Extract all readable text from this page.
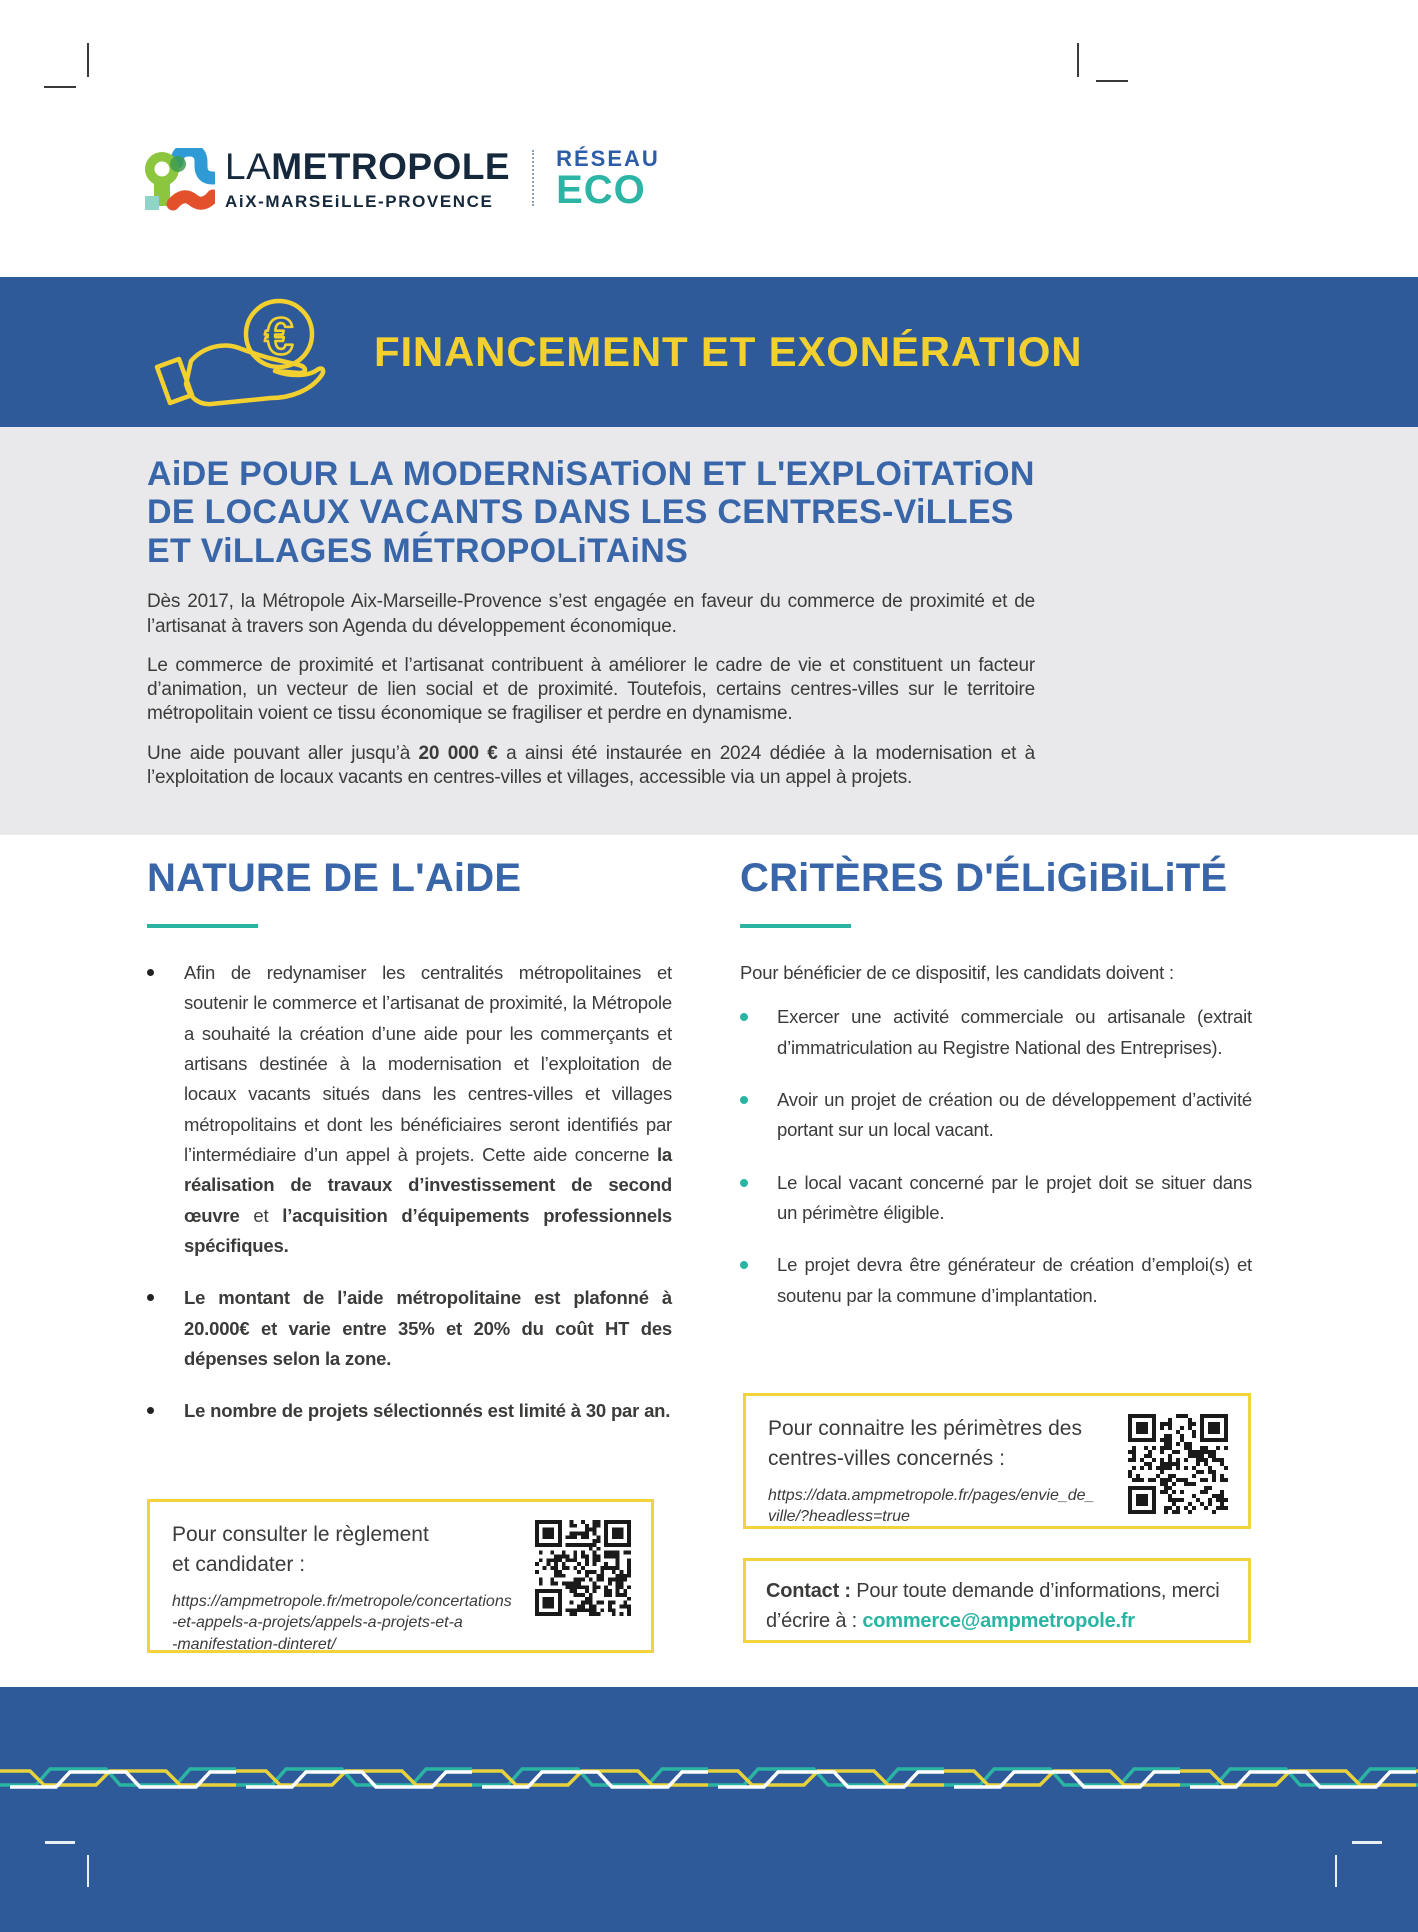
LAMETROPOLE
AiX-MARSEiLLE-PROVENCE
RÉSEAU
ECO
€ FINANCEMENT ET EXONÉRATION
AiDE POUR LA MODERNiSATiON ET L'EXPLOiTATiON
DE LOCAUX VACANTS DANS LES CENTRES-ViLLES
ET ViLLAGES MÉTROPOLiTAiNS

Dès 2017, la Métropole Aix-Marseille-Provence s’est engagée en faveur du commerce de proximité et de l’artisanat à travers son Agenda du développement économique.

Le commerce de proximité et l’artisanat contribuent à améliorer le cadre de vie et constituent un facteur d’animation, un vecteur de lien social et de proximité. Toutefois, certains centres-villes sur le territoire métropolitain voient ce tissu économique se fragiliser et perdre en dynamisme.

Une aide pouvant aller jusqu’à 20 000 € a ainsi été instaurée en 2024 dédiée à la modernisation et à l’exploitation de locaux vacants en centres-villes et villages, accessible via un appel à projets.

NATURE DE L'AiDE
Afin de redynamiser les centralités métropolitaines et soutenir le commerce et l’artisanat de proximité, la Métropole a souhaité la création d’une aide pour les commerçants et artisans destinée à la modernisation et l’exploitation de locaux vacants situés dans les centres-villes et villages métropolitains et dont les bénéficiaires seront identifiés par l’intermédiaire d’un appel à projets. Cette aide concerne la réalisation de travaux d’investissement de second œuvre et l’acquisition d’équipements professionnels spécifiques.
Le montant de l’aide métropolitaine est plafonné à 20.000€ et varie entre 35% et 20% du coût HT des dépenses selon la zone.
Le nombre de projets sélectionnés est limité à 30 par an.
CRiTÈRES D'ÉLiGiBiLiTÉ
Pour bénéficier de ce dispositif, les candidats doivent :
Exercer une activité commerciale ou artisanale (extrait d’immatriculation au Registre National des Entreprises).
Avoir un projet de création ou de développement d’activité portant sur un local vacant.
Le local vacant concerné par le projet doit se situer dans un périmètre éligible.
Le projet devra être générateur de création d’emploi(s) et soutenu par la commune d’implantation.
Pour connaitre les périmètres des
centres-villes concernés :
https://data.ampmetropole.fr/pages/envie_de_
ville/?headless=true
Contact : Pour toute demande d’informations, merci d’écrire à : commerce@ampmetropole.fr
Pour consulter le règlement
et candidater :
https://ampmetropole.fr/metropole/concertations
-et-appels-a-projets/appels-a-projets-et-a
-manifestation-dinteret/
